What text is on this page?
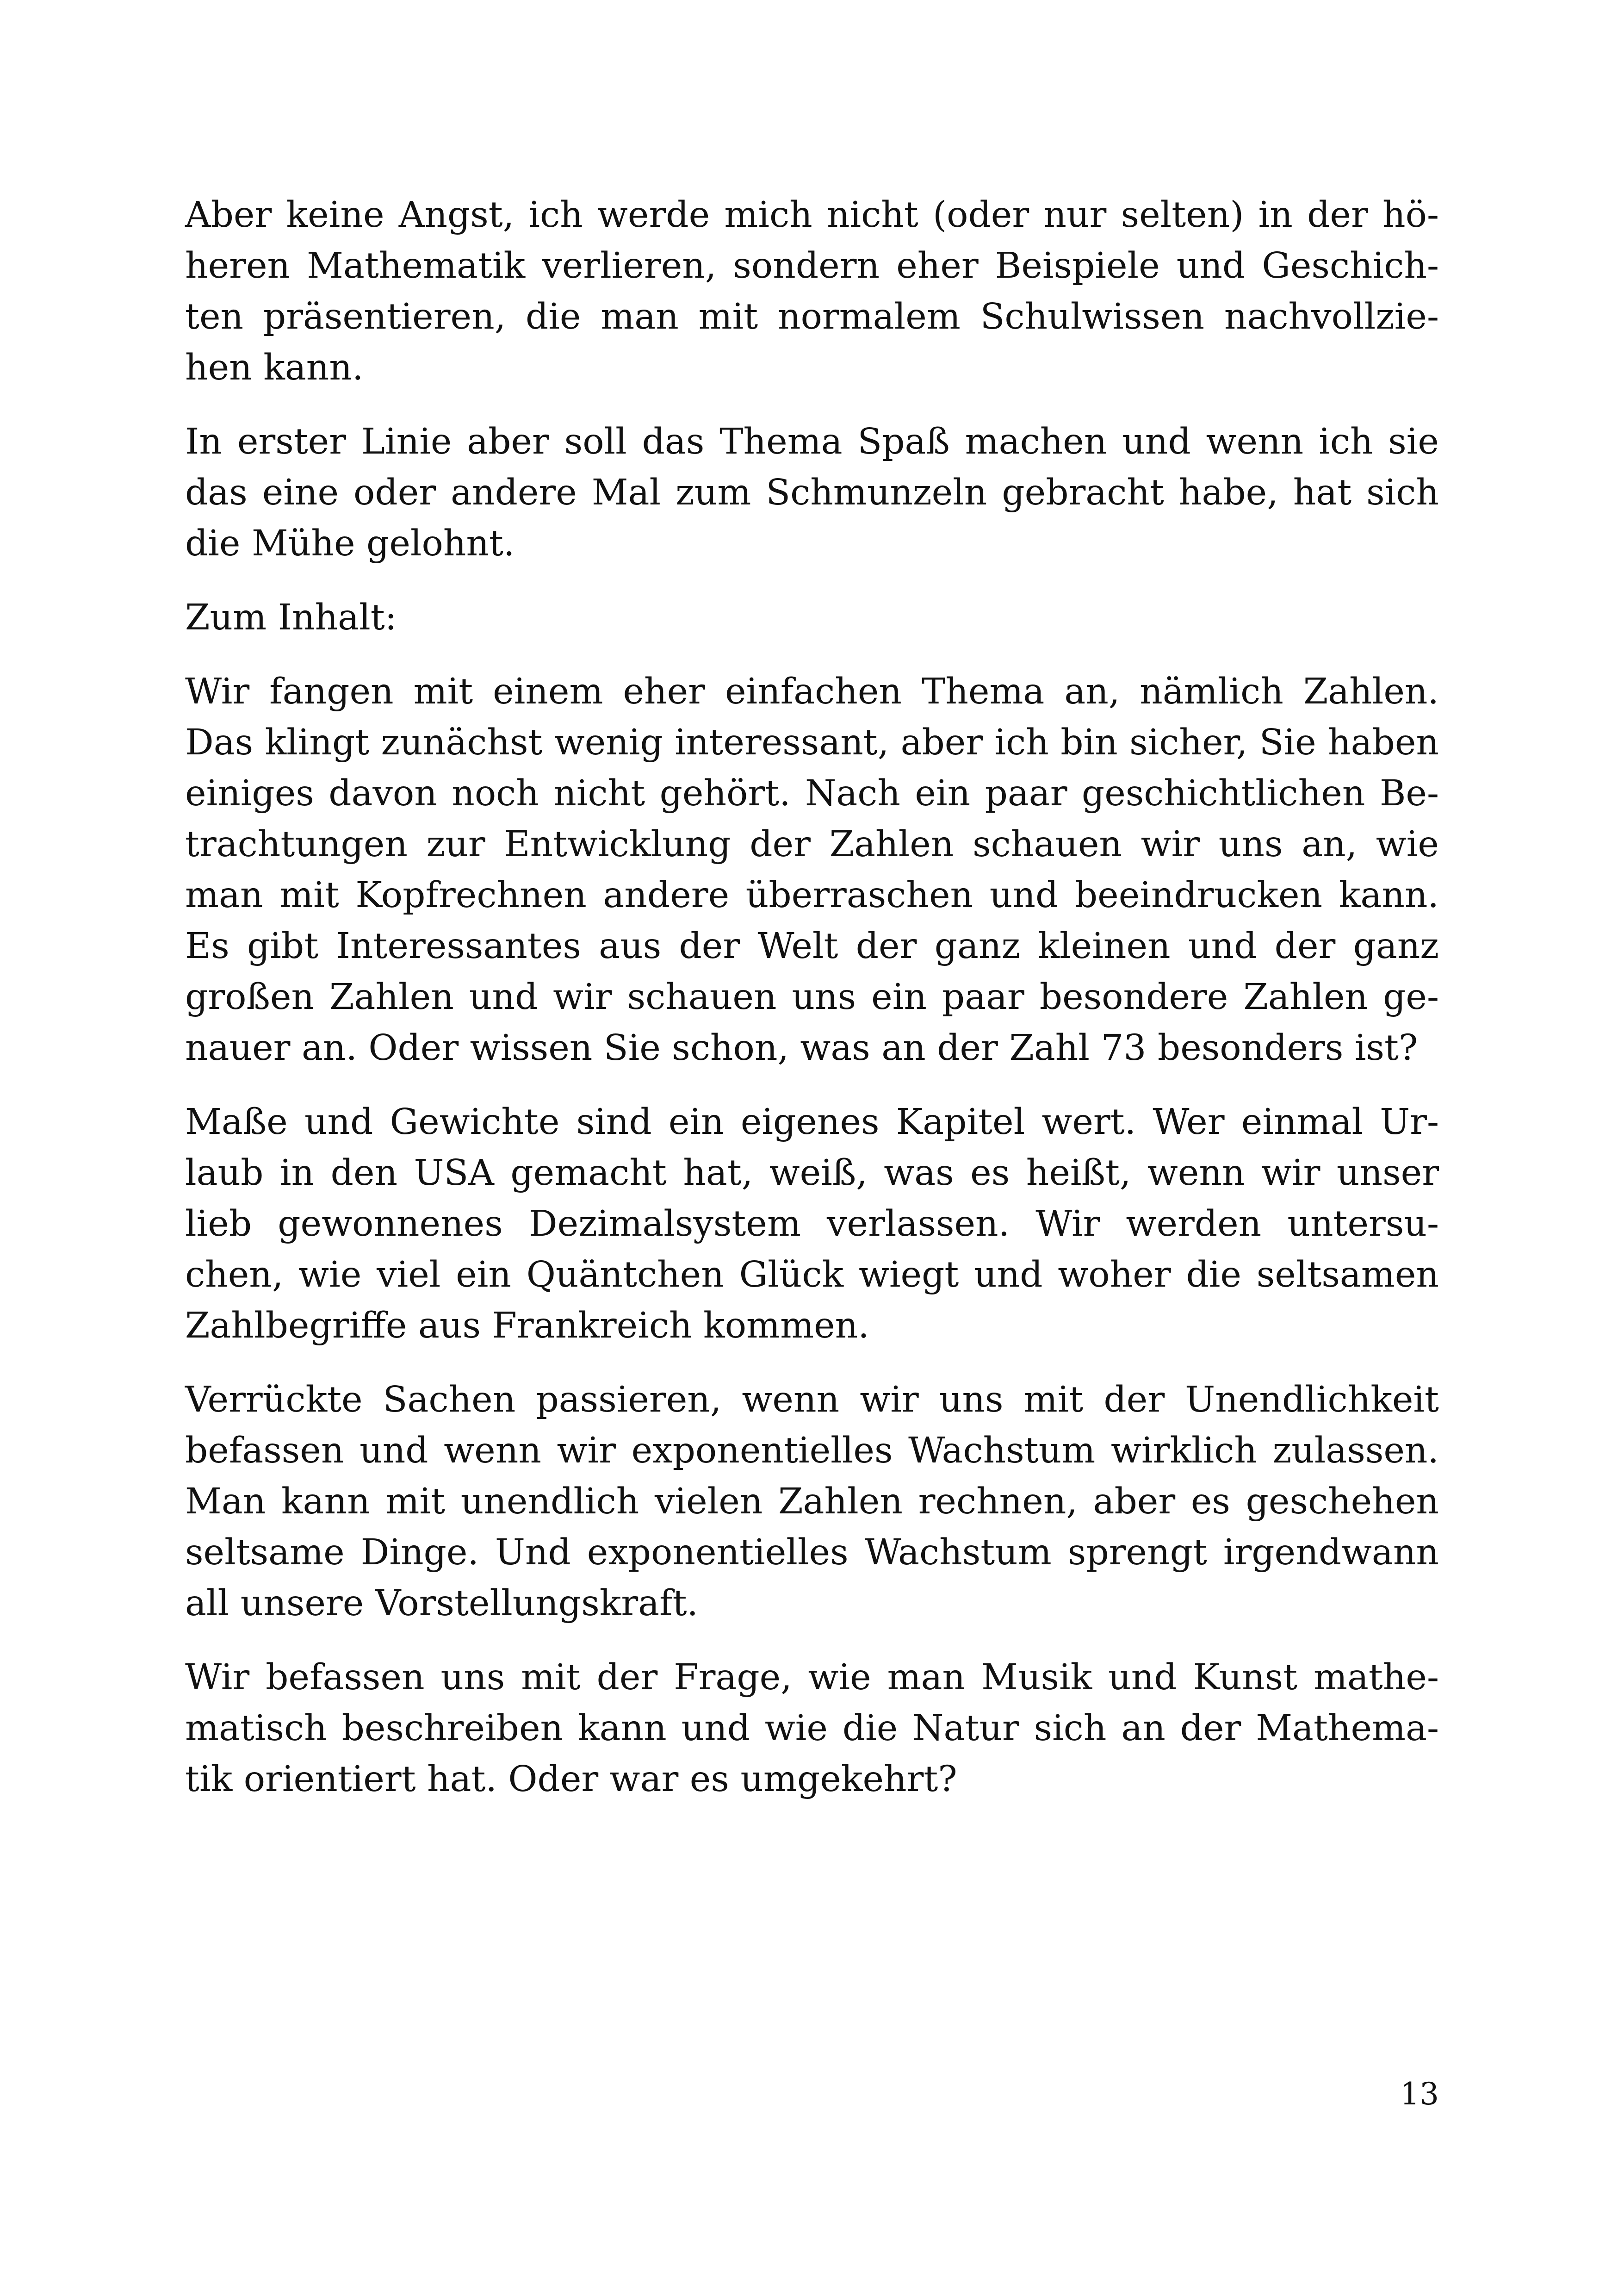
Aber keine Angst, ich werde mich nicht (oder nur selten) in der hö-
heren Mathematik verlieren, sondern eher Beispiele und Geschich-
ten präsentieren, die man mit normalem Schulwissen nachvollzie-
hen kann.
In erster Linie aber soll das Thema Spaß machen und wenn ich sie
das eine oder andere Mal zum Schmunzeln gebracht habe, hat sich
die Mühe gelohnt.
Zum Inhalt:
Wir fangen mit einem eher einfachen Thema an, nämlich Zahlen.
Das klingt zunächst wenig interessant, aber ich bin sicher, Sie haben
einiges davon noch nicht gehört. Nach ein paar geschichtlichen Be-
trachtungen zur Entwicklung der Zahlen schauen wir uns an, wie
man mit Kopfrechnen andere überraschen und beeindrucken kann.
Es gibt Interessantes aus der Welt der ganz kleinen und der ganz
großen Zahlen und wir schauen uns ein paar besondere Zahlen ge-
nauer an. Oder wissen Sie schon, was an der Zahl 73 besonders ist?
Maße und Gewichte sind ein eigenes Kapitel wert. Wer einmal Ur-
laub in den USA gemacht hat, weiß, was es heißt, wenn wir unser
lieb gewonnenes Dezimalsystem verlassen. Wir werden untersu-
chen, wie viel ein Quäntchen Glück wiegt und woher die seltsamen
Zahlbegriffe aus Frankreich kommen.
Verrückte Sachen passieren, wenn wir uns mit der Unendlichkeit
befassen und wenn wir exponentielles Wachstum wirklich zulassen.
Man kann mit unendlich vielen Zahlen rechnen, aber es geschehen
seltsame Dinge. Und exponentielles Wachstum sprengt irgendwann
all unsere Vorstellungskraft.
Wir befassen uns mit der Frage, wie man Musik und Kunst mathe-
matisch beschreiben kann und wie die Natur sich an der Mathema-
tik orientiert hat. Oder war es umgekehrt?
13
